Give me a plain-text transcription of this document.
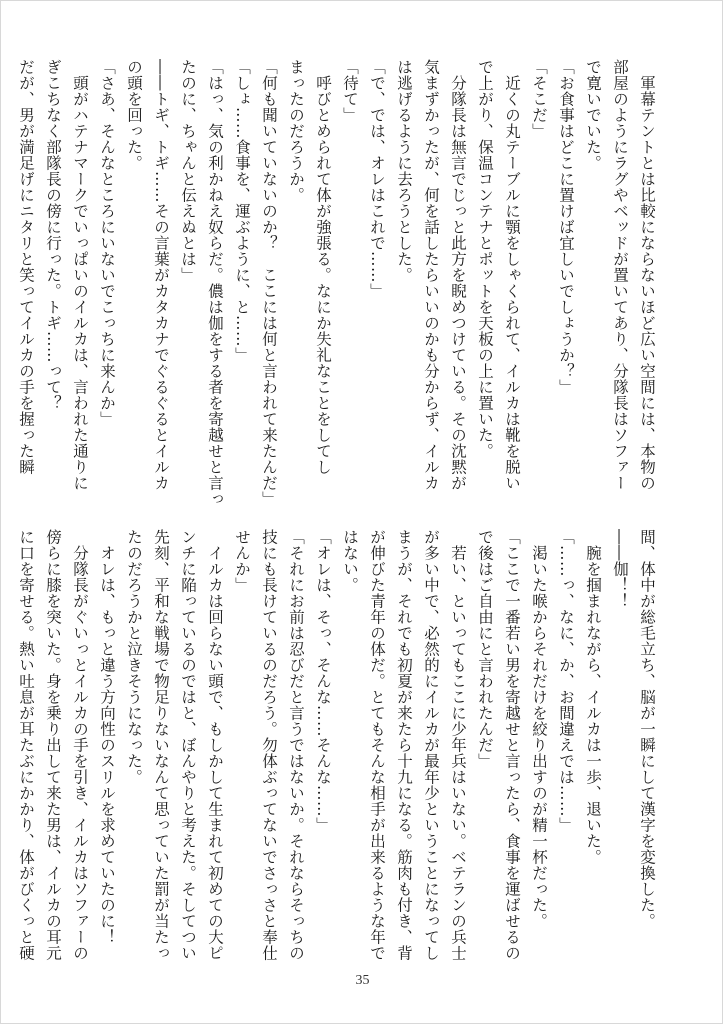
　軍幕テントとは比較にならないほど広い空間には、本物の
部屋のようにラグやベッドが置いてあり、分隊長はソファー
で寛いでいた。
「お食事はどこに置けば宜しいでしょうか？」
「そこだ」
　近くの丸テーブルに顎をしゃくられて、イルカは靴を脱い
で上がり、保温コンテナとポットを天板の上に置いた。
　分隊長は無言でじっと此方を睨めつけている。その沈黙が
気まずかったが、何を話したらいいのかも分からず、イルカ
は逃げるように去ろうとした。
「で、では、オレはこれで……」
「待て」
　呼びとめられて体が強張る。なにか失礼なことをしてし
まったのだろうか。
「何も聞いていないのか？　ここには何と言われて来たんだ」
「しょ……食事を、運ぶように、と……」
「はっ、気の利かねえ奴らだ。儂は伽をする者を寄越せと言っ
たのに、ちゃんと伝えぬとは」
――トギ、トギ……その言葉がカタカナでぐるぐるとイルカ
の頭を回った。
「さあ、そんなところにいないでこっちに来んか」
　頭がハテナマークでいっぱいのイルカは、言われた通りに
ぎこちなく部隊長の傍に行った。トギ……って？
だが、男が満足げにニタリと笑ってイルカの手を握った瞬
間、体中が総毛立ち、脳が一瞬にして漢字を変換した。
――伽！！
　腕を掴まれながら、イルカは一歩、退いた。
「……っ、なに、か、お間違えでは……」
　渇いた喉からそれだけを絞り出すのが精一杯だった。
「ここで一番若い男を寄越せと言ったら、食事を運ばせるの
で後はご自由にと言われたんだ」
　若い、といってもここに少年兵はいない。ベテランの兵士
が多い中で、必然的にイルカが最年少ということになってし
まうが、それでも初夏が来たら十九になる。筋肉も付き、背
が伸びた青年の体だ。とてもそんな相手が出来るような年で
はない。
「オレは、そっ、そんな……そんな……」
「それにお前は忍びだと言うではないか。それならそっちの
技にも長けているのだろう。勿体ぶってないでさっさと奉仕
せんか」
　イルカは回らない頭で、もしかして生まれて初めての大ピ
ンチに陥っているのではと、ぼんやりと考えた。そしてつい
先刻、平和な戦場で物足りないなんて思っていた罰が当たっ
たのだろうかと泣きそうになった。
　オレは、もっと違う方向性のスリルを求めていたのに！
　分隊長がぐいっとイルカの手を引き、イルカはソファーの
傍らに膝を突いた。身を乗り出して来た男は、イルカの耳元
に口を寄せる。熱い吐息が耳たぶにかかり、体がびくっと硬
35
